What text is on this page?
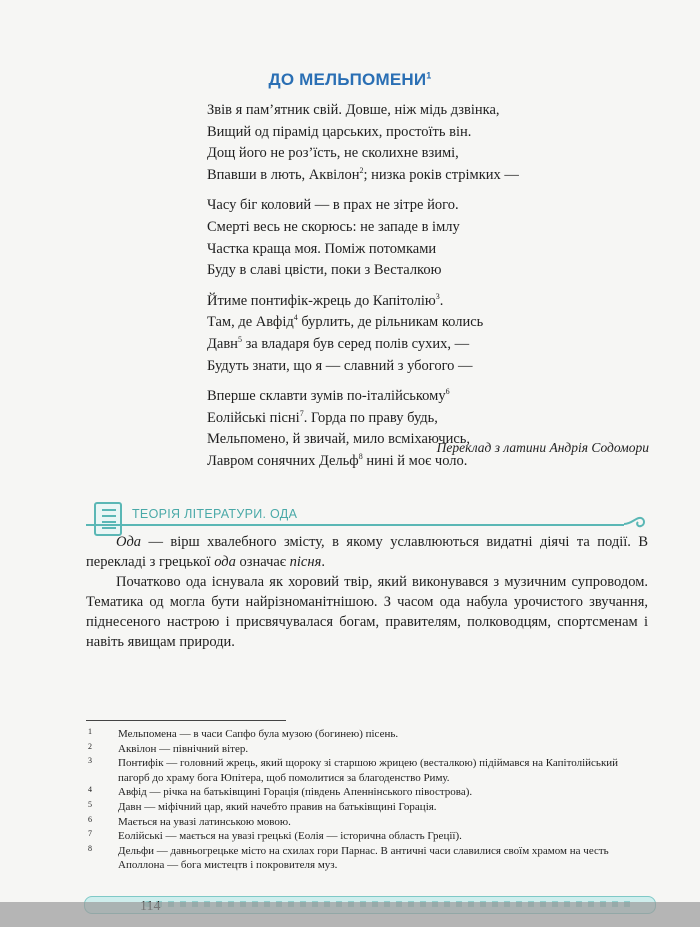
ДО МЕЛЬПОМЕНИ$^1$
Звів я пам’ятник свій. Довше, ніж мідь дзвінка,
Вищий од пірамід царських, простоїть він.
Дощ його не роз’їсть, не сколихне взимі,
Впавши в лють, Аквілон$^2$; низка років стрімких —
Часу біг коловий — в прах не зітре його.
Смерті весь не скорюсь: не западе в імлу
Частка краща моя. Поміж потомками
Буду в славі цвісти, поки з Весталкою
Йтиме понтифік-жрець до Капітолію$^3$.
Там, де Авфід$^4$ бурлить, де рільникам колись
Давн$^5$ за владаря був серед полів сухих, —
Будуть знати, що я — славний з убогого —
Вперше склавти зумів по-італійському$^6$
Еолійські пісні$^7$. Горда по праву будь,
Мельпомено, й звичай, мило всміхаючись,
Лавром сонячних Дельф$^8$ нині й моє чоло.
Переклад з латини Андрія Содомори
ТЕОРІЯ ЛІТЕРАТУРИ. ОДА

Ода — вірш хвалебного змісту, в якому уславлюються видатні діячі та події. В перекладі з грецької ода означає пісня.

Початково ода існувала як хоровий твір, який виконувався з музичним супроводом. Тематика од могла бути найрізноманітнішою. З часом ода набула урочистого звучання, піднесеного настрою і присвячувалася богам, правителям, полководцям, спортсменам і навіть явищам природи.

1 Мельпомена — в часи Сапфо була музою (богинею) пісень.
2 Аквілон — північний вітер.
3 Понтифік — головний жрець, який щороку зі старшою жрицею (весталкою) підіймався на Капітолійський пагорб до храму бога Юпітера, щоб помолитися за благоденство Риму.
4 Авфід — річка на батьківщині Горація (південь Апеннінського півострова).
5 Давн — міфічний цар, який начебто правив на батьківщині Горація.
6 Мається на увазі латинською мовою.
7 Еолійські — мається на увазі грецькі (Еолія — історична область Греції).
8 Дельфи — давньогрецьке місто на схилах гори Парнас. В античні часи славилися своїм храмом на честь Аполлона — бога мистецтв і покровителя муз.
